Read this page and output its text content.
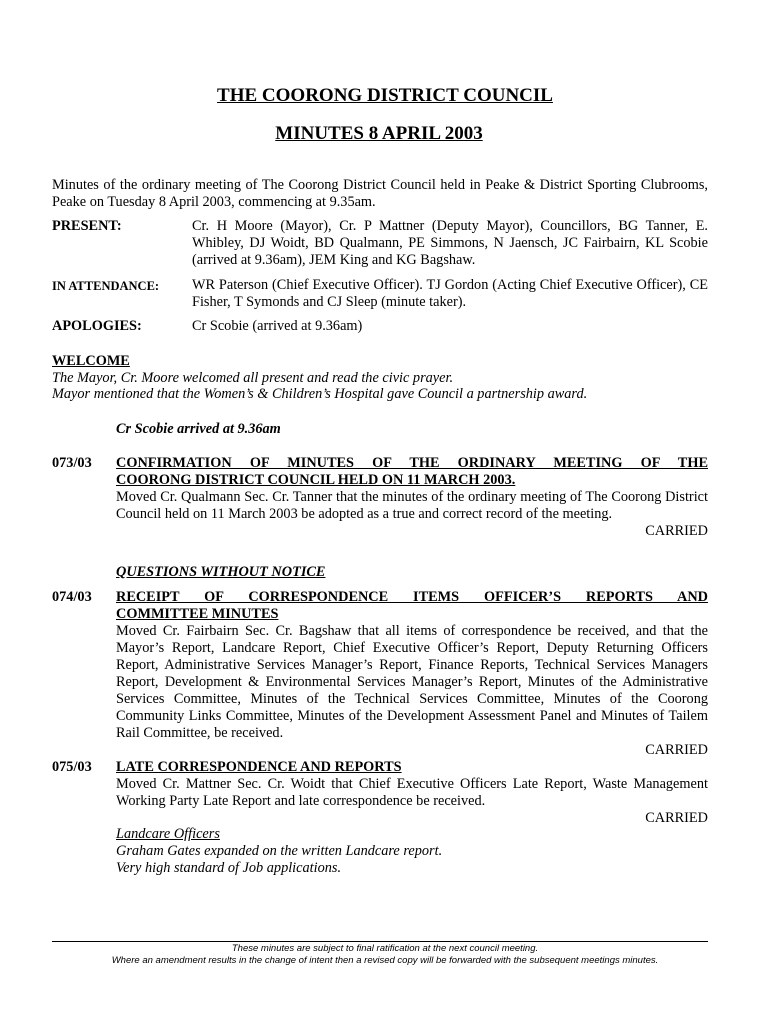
THE COORONG DISTRICT COUNCIL
MINUTES 8 APRIL 2003

Minutes of the ordinary meeting of The Coorong District Council held in Peake & District Sporting Clubrooms, Peake on Tuesday 8 April 2003, commencing at 9.35am.

PRESENT:	Cr. H Moore (Mayor), Cr. P Mattner (Deputy Mayor), Councillors, BG Tanner, E. Whibley, DJ Woidt, BD Qualmann, PE Simmons, N Jaensch, JC Fairbairn, KL Scobie (arrived at 9.36am), JEM King and KG Bagshaw.

IN ATTENDANCE: WR Paterson (Chief Executive Officer). TJ Gordon (Acting Chief Executive Officer), CE Fisher, T Symonds and CJ Sleep (minute taker).

APOLOGIES:	Cr Scobie (arrived at 9.36am)

WELCOME

The Mayor, Cr. Moore welcomed all present and read the civic prayer.

Mayor mentioned that the Women’s & Children’s Hospital gave Council a partnership award.

Cr Scobie arrived at 9.36am

073/03 CONFIRMATION OF MINUTES OF THE ORDINARY MEETING OF THE
COORONG DISTRICT COUNCIL HELD ON 11 MARCH 2003.
Moved Cr. Qualmann Sec. Cr. Tanner that the minutes of the ordinary meeting of The Coorong District Council held on 11 March 2003 be adopted as a true and correct record of the meeting.
CARRIED

QUESTIONS WITHOUT NOTICE

074/03 RECEIPT OF CORRESPONDENCE ITEMS OFFICER’S REPORTS AND
COMMITTEE MINUTES
Moved Cr. Fairbairn Sec. Cr. Bagshaw that all items of correspondence be received, and that the Mayor’s Report, Landcare Report, Chief Executive Officer’s Report, Deputy Returning Officers Report, Administrative Services Manager’s Report, Finance Reports, Technical Services Managers Report, Development & Environmental Services Manager’s Report, Minutes of the Administrative Services Committee, Minutes of the Technical Services Committee, Minutes of the Coorong Community Links Committee, Minutes of the Development Assessment Panel and Minutes of Tailem Rail Committee, be received.
CARRIED

075/03 LATE CORRESPONDENCE AND REPORTS
Moved Cr. Mattner Sec. Cr. Woidt that Chief Executive Officers Late Report, Waste Management Working Party Late Report and late correspondence be received.
CARRIED

Landcare Officers

Graham Gates expanded on the written Landcare report.

Very high standard of Job applications.

These minutes are subject to final ratification at the next council meeting.

Where an amendment results in the change of intent then a revised copy will be forwarded with the subsequent meetings minutes.
